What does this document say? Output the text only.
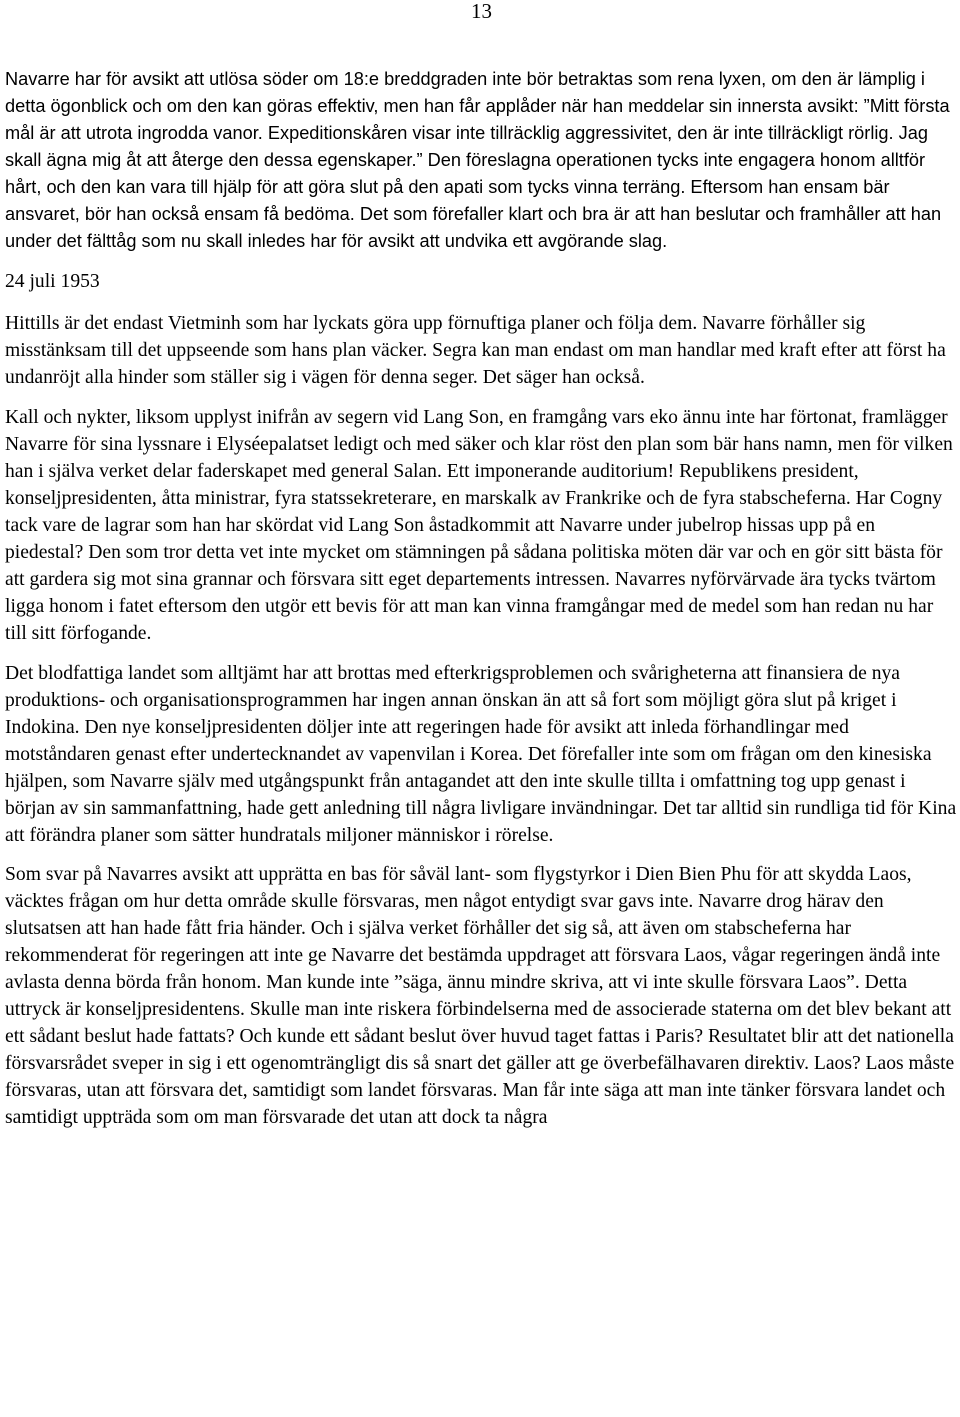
13

Navarre har för avsikt att utlösa söder om 18:e breddgraden inte bör betraktas som rena lyxen, om den är lämplig i detta ögonblick och om den kan göras effektiv, men han får applåder när han meddelar sin innersta avsikt: ”Mitt första mål är att utrota ingrodda vanor. Expeditionskåren visar inte tillräcklig aggressivitet, den är inte tillräckligt rörlig. Jag skall ägna mig åt att återge den dessa egenskaper.” Den föreslagna operationen tycks inte engagera honom alltför hårt, och den kan vara till hjälp för att göra slut på den apati som tycks vinna terräng. Eftersom han ensam bär ansvaret, bör han också ensam få bedöma. Det som förefaller klart och bra är att han beslutar och framhåller att han under det fälttåg som nu skall inledes har för avsikt att undvika ett avgörande slag.

24 juli 1953

Hittills är det endast Vietminh som har lyckats göra upp förnuftiga planer och följa dem. Navarre förhåller sig misstänksam till det uppseende som hans plan väcker. Segra kan man endast om man handlar med kraft efter att först ha undanröjt alla hinder som ställer sig i vägen för denna seger. Det säger han också.

Kall och nykter, liksom upplyst inifrån av segern vid Lang Son, en framgång vars eko ännu inte har förtonat, framlägger Navarre för sina lyssnare i Elyséepalatset ledigt och med säker och klar röst den plan som bär hans namn, men för vilken han i själva verket delar faderskapet med general Salan. Ett imponerande auditorium! Republikens president, konseljpresidenten, åtta ministrar, fyra statssekreterare, en marskalk av Frankrike och de fyra stabscheferna. Har Cogny tack vare de lagrar som han har skördat vid Lang Son åstadkommit att Navarre under jubelrop hissas upp på en piedestal? Den som tror detta vet inte mycket om stämningen på sådana politiska möten där var och en gör sitt bästa för att gardera sig mot sina grannar och försvara sitt eget departements intressen. Navarres nyförvärvade ära tycks tvärtom ligga honom i fatet eftersom den utgör ett bevis för att man kan vinna framgångar med de medel som han redan nu har till sitt förfogande.

Det blodfattiga landet som alltjämt har att brottas med efterkrigsproblemen och svårigheterna att finansiera de nya produktions- och organisationsprogrammen har ingen annan önskan än att så fort som möjligt göra slut på kriget i Indokina. Den nye konseljpresidenten döljer inte att regeringen hade för avsikt att inleda förhandlingar med motståndaren genast efter undertecknandet av vapenvilan i Korea. Det förefaller inte som om frågan om den kinesiska hjälpen, som Navarre själv med utgångspunkt från antagandet att den inte skulle tillta i omfattning tog upp genast i början av sin sammanfattning, hade gett anledning till några livligare invändningar. Det tar alltid sin rundliga tid för Kina att förändra planer som sätter hundratals miljoner människor i rörelse.

Som svar på Navarres avsikt att upprätta en bas för såväl lant- som flygstyrkor i Dien Bien Phu för att skydda Laos, väcktes frågan om hur detta område skulle försvaras, men något entydigt svar gavs inte. Navarre drog härav den slutsatsen att han hade fått fria händer. Och i själva verket förhåller det sig så, att även om stabscheferna har rekommenderat för regeringen att inte ge Navarre det bestämda uppdraget att försvara Laos, vågar regeringen ändå inte avlasta denna börda från honom. Man kunde inte ”säga, ännu mindre skriva, att vi inte skulle försvara Laos”. Detta uttryck är konseljpresidentens. Skulle man inte riskera förbindelserna med de associerade staterna om det blev bekant att ett sådant beslut hade fattats? Och kunde ett sådant beslut över huvud taget fattas i Paris? Resultatet blir att det nationella försvarsrådet sveper in sig i ett ogenomträngligt dis så snart det gäller att ge överbefälhavaren direktiv. Laos? Laos måste försvaras, utan att försvara det, samtidigt som landet försvaras. Man får inte säga att man inte tänker försvara landet och samtidigt uppträda som om man försvarade det utan att dock ta några
